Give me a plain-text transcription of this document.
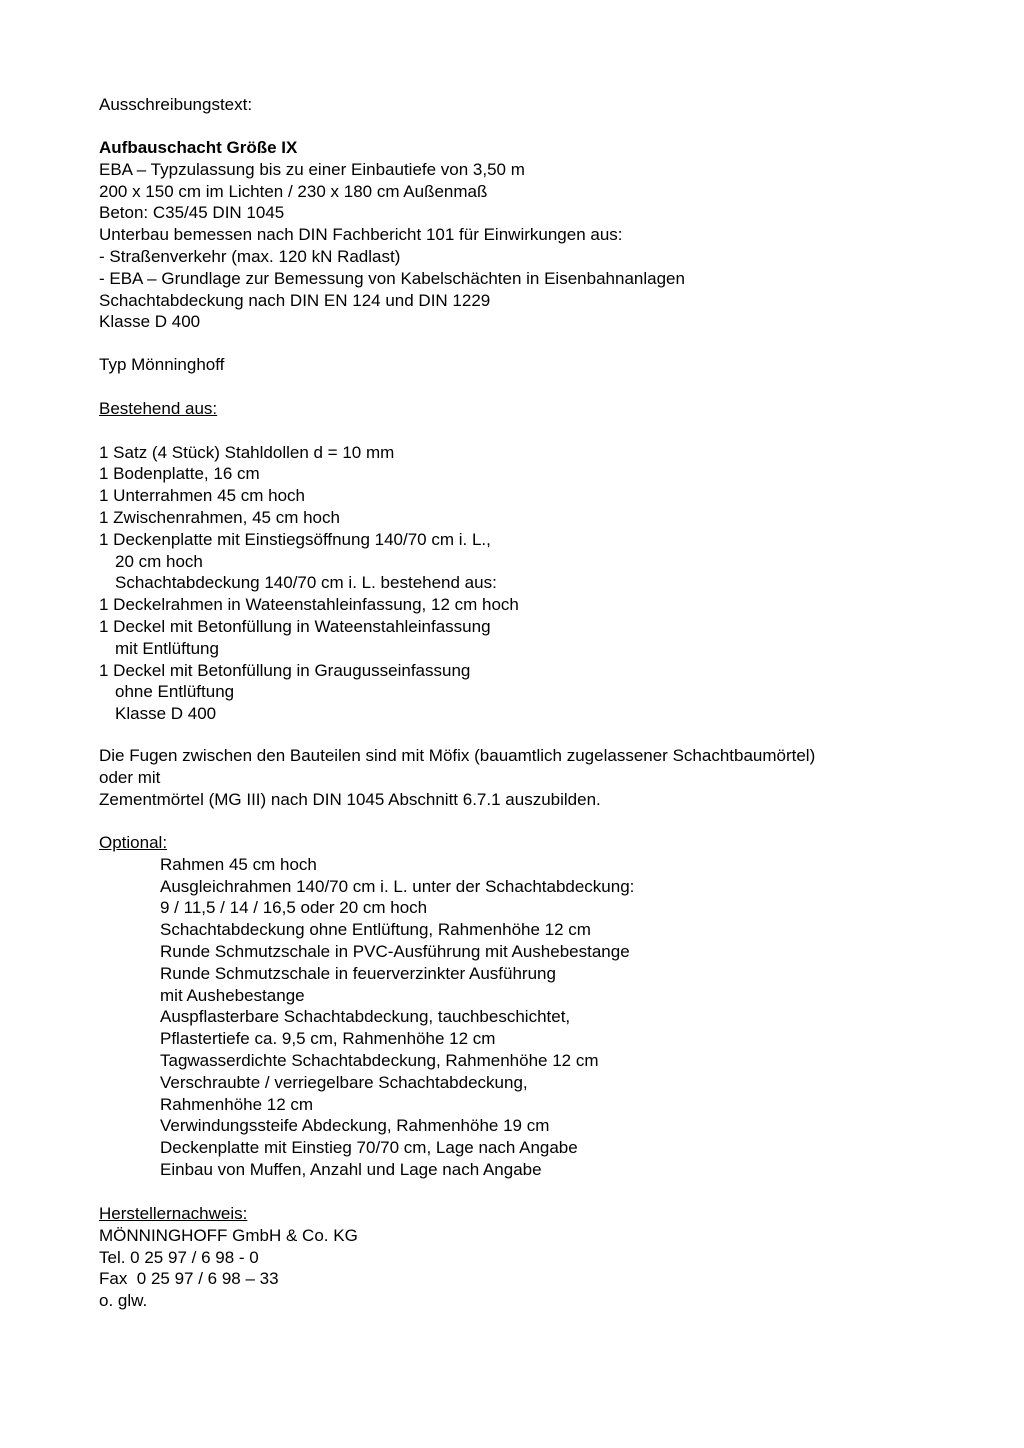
Ausschreibungstext:
Aufbauschacht Größe IX
EBA – Typzulassung bis zu einer Einbautiefe von 3,50 m
200 x 150 cm im Lichten / 230 x 180 cm Außenmaß
Beton: C35/45 DIN 1045
Unterbau bemessen nach DIN Fachbericht 101 für Einwirkungen aus:
- Straßenverkehr (max. 120 kN Radlast)
- EBA – Grundlage zur Bemessung von Kabelschächten in Eisenbahnanlagen
Schachtabdeckung nach DIN EN 124 und DIN 1229
Klasse D 400
Typ Mönninghoff
Bestehend aus:
1 Satz (4 Stück) Stahldollen d = 10 mm
1 Bodenplatte, 16 cm
1 Unterrahmen 45 cm hoch
1 Zwischenrahmen, 45 cm hoch
1 Deckenplatte mit Einstiegsöffnung 140/70 cm i. L.,
20 cm hoch
Schachtabdeckung 140/70 cm i. L. bestehend aus:
1 Deckelrahmen in Wateenstahleinfassung, 12 cm hoch
1 Deckel mit Betonfüllung in Wateenstahleinfassung
mit Entlüftung
1 Deckel mit Betonfüllung in Graugusseinfassung
ohne Entlüftung
Klasse D 400
Die Fugen zwischen den Bauteilen sind mit Möfix (bauamtlich zugelassener Schachtbaumörtel)
oder mit
Zementmörtel (MG III) nach DIN 1045 Abschnitt 6.7.1 auszubilden.
Optional:
Rahmen 45 cm hoch
Ausgleichrahmen 140/70 cm i. L. unter der Schachtabdeckung:
9 / 11,5 / 14 / 16,5 oder 20 cm hoch
Schachtabdeckung ohne Entlüftung, Rahmenhöhe 12 cm
Runde Schmutzschale in PVC-Ausführung mit Aushebestange
Runde Schmutzschale in feuerverzinkter Ausführung
mit Aushebestange
Auspflasterbare Schachtabdeckung, tauchbeschichtet,
Pflastertiefe ca. 9,5 cm, Rahmenhöhe 12 cm
Tagwasserdichte Schachtabdeckung, Rahmenhöhe 12 cm
Verschraubte / verriegelbare Schachtabdeckung,
Rahmenhöhe 12 cm
Verwindungssteife Abdeckung, Rahmenhöhe 19 cm
Deckenplatte mit Einstieg 70/70 cm, Lage nach Angabe
Einbau von Muffen, Anzahl und Lage nach Angabe
Herstellernachweis:
MÖNNINGHOFF GmbH & Co. KG
Tel. 0 25 97 / 6 98 - 0
Fax  0 25 97 / 6 98 – 33
o. glw.
